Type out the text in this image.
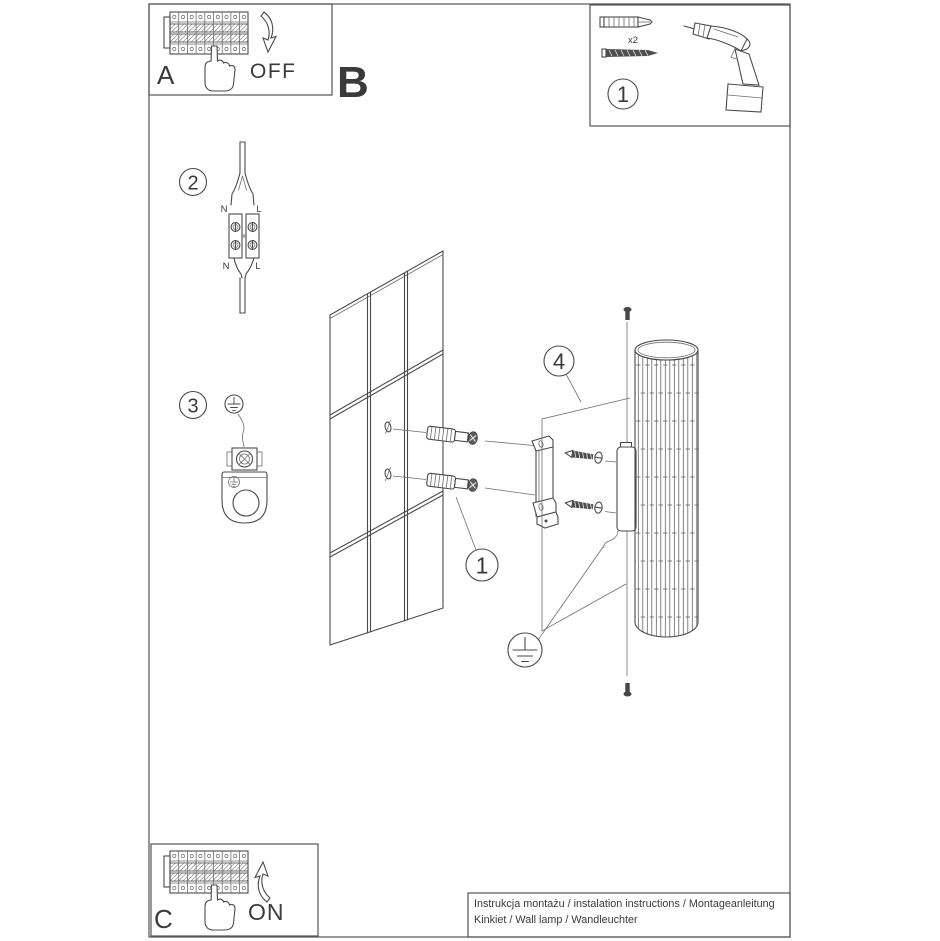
A	OFF B
x2
1
2
N	L
N	L
3
1
4
C	ON	Instrukcja montażu / instalation instructions / Montageanleitung
Kinkiet / Wall lamp / Wandleuchter
